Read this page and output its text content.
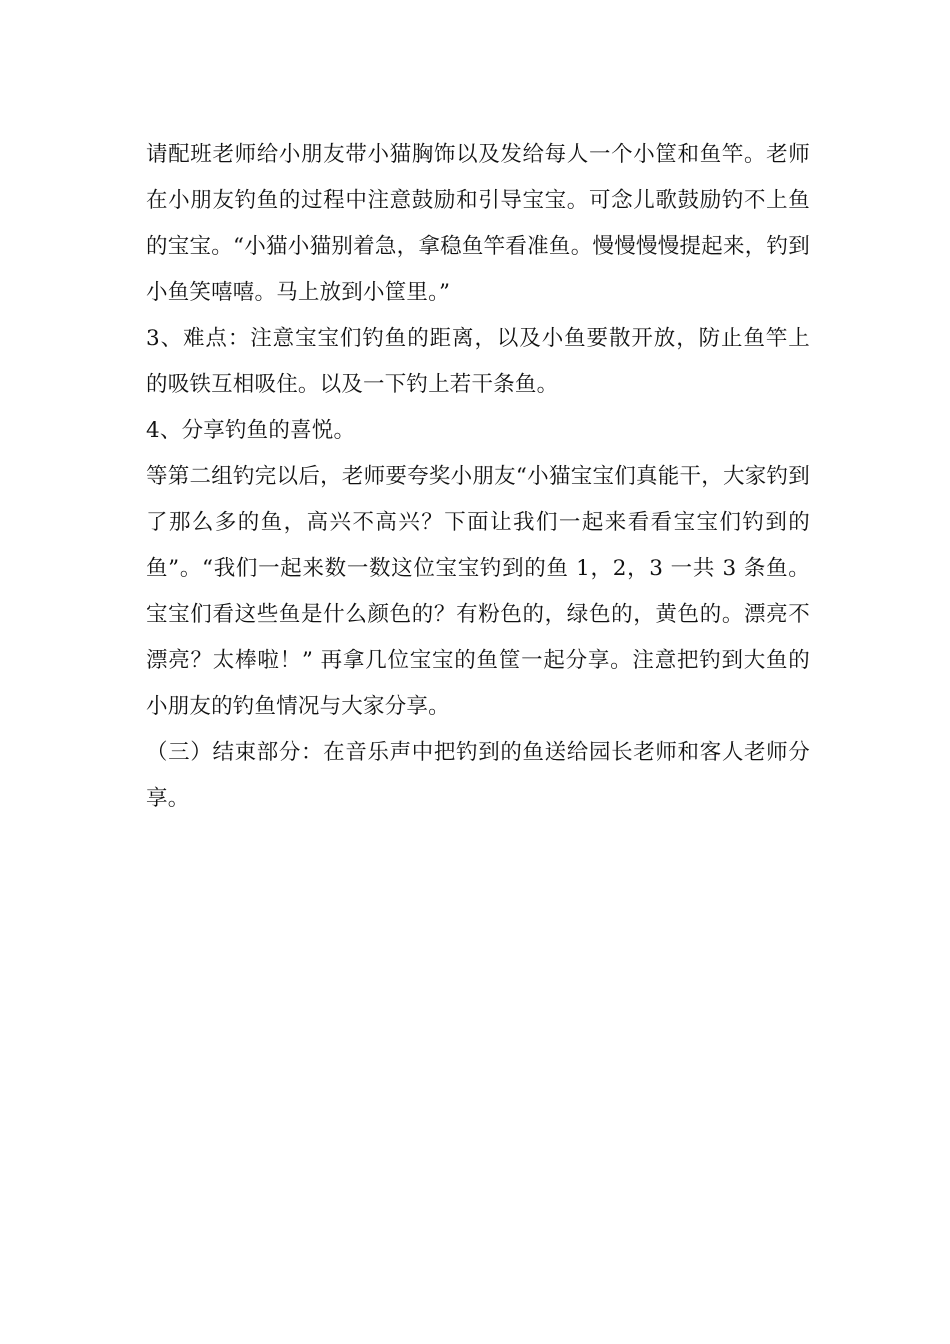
请配班老师给小朋友带小猫胸饰以及发给每人一个小筐和鱼竿。老师在小朋友钓鱼的过程中注意鼓励和引导宝宝。可念儿歌鼓励钓不上鱼的宝宝。“小猫小猫别着急，拿稳鱼竿看准鱼。慢慢慢慢提起来，钓到小鱼笑嘻嘻。马上放到小筐里。”

3、难点：注意宝宝们钓鱼的距离，以及小鱼要散开放，防止鱼竿上的吸铁互相吸住。以及一下钓上若干条鱼。

4、分享钓鱼的喜悦。

等第二组钓完以后，老师要夸奖小朋友“小猫宝宝们真能干，大家钓到了那么多的鱼，高兴不高兴？下面让我们一起来看看宝宝们钓到的鱼”。“我们一起来数一数这位宝宝钓到的鱼 1，2，3 一共 3 条鱼。宝宝们看这些鱼是什么颜色的？有粉色的，绿色的，黄色的。漂亮不漂亮？太棒啦！” 再拿几位宝宝的鱼筐一起分享。注意把钓到大鱼的小朋友的钓鱼情况与大家分享。

（三）结束部分：在音乐声中把钓到的鱼送给园长老师和客人老师分享。
